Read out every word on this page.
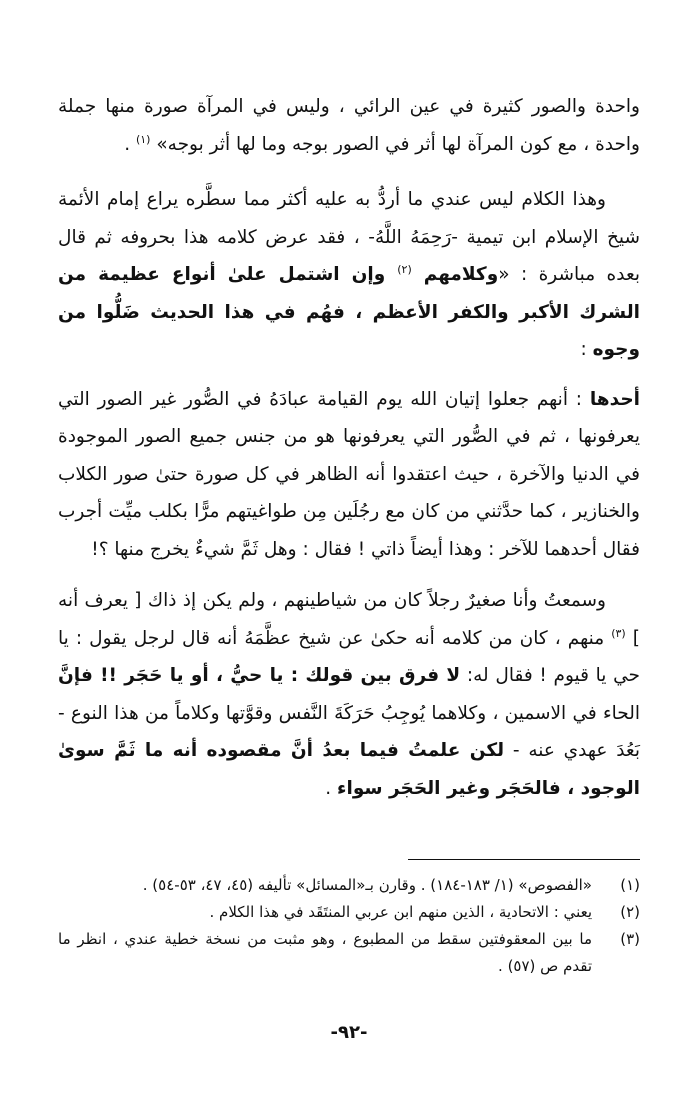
واحدة والصور كثيرة في عين الرائي ، وليس في المرآة صورة منها جملة واحدة ، مع كون المرآة لها أثر في الصور بوجه وما لها أثر بوجه» $^{(١)}$ .

وهذا الكلام ليس عندي ما أردُّ به عليه أكثر مما سطَّره يراع إمام الأئمة شيخ الإسلام ابن تيمية -رَحِمَهُ اللَّهُ- ، فقد عرض كلامه هذا بحروفه ثم قال بعده مباشرة : «وكلامهم $^{(٢)}$ وإن اشتمل علىٰ أنواع عظيمة من الشرك الأكبر والكفر الأعظم ، فهُم في هذا الحديث ضَلُّوا من وجوه :

أحدها : أنهم جعلوا إتيان الله يوم القيامة عبادَهُ في الصُّور غير الصور التي يعرفونها ، ثم في الصُّور التي يعرفونها هو من جنس جميع الصور الموجودة في الدنيا والآخرة ، حيث اعتقدوا أنه الظاهر في كل صورة حتىٰ صور الكلاب والخنازير ، كما حدَّثني من كان مع رجُلَين مِن طواغيتهم مرًّا بكلب ميِّت أجرب فقال أحدهما للآخر : وهذا أيضاً ذاتي ! فقال : وهل ثَمَّ شيءٌ يخرج منها ؟!

وسمعتُ وأنا صغيرٌ رجلاً كان من شياطينهم ، ولم يكن إذ ذاك [ يعرف أنه ] $^{(٣)}$ منهم ، كان من كلامه أنه حكىٰ عن شيخ عظَّمَهُ أنه قال لرجل يقول : يا حي يا قيوم ! فقال له: لا فرق بين قولك : يا حيُّ ، أو يا حَجَر !! فإنَّ الحاء في الاسمين ، وكلاهما يُوجِبُ حَرَكَةَ النَّفس وقوَّتها وكلاماً من هذا النوع - بَعُدَ عهدي عنه - لكن علمتُ فيما بعدُ أنَّ مقصوده أنه ما ثَمَّ سوىٰ الوجود ، فالحَجَر وغير الحَجَر سواء .

(١)
«الفصوص» (١/ ١٨٣-١٨٤) . وقارن بـ«المسائل» تأليفه (٤٥، ٤٧، ٥٣-٥٤) .
(٢)
يعني : الاتحادية ، الذين منهم ابن عربي المنتَقَد في هذا الكلام .
(٣)
ما بين المعقوفتين سقط من المطبوع ، وهو مثبت من نسخة خطية عندي ، انظر ما تقدم ص (٥٧) .
-٩٢-
